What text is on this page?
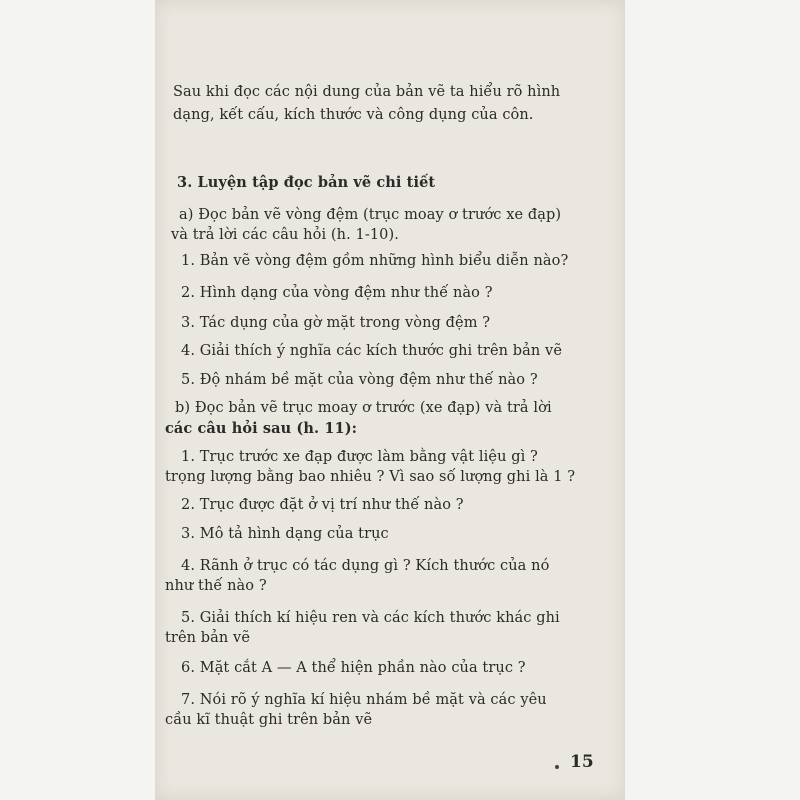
Sau khi đọc các nội dung của bản vẽ ta hiểu rõ hình
dạng, kết cấu, kích thước và công dụng của côn.
3. Luyện tập đọc bản vẽ chi tiết
a) Đọc bản vẽ vòng đệm (trục moay ơ trước xe đạp)
và trả lời các câu hỏi (h. 1-10).
1. Bản vẽ vòng đệm gồm những hình biểu diễn nào?
2. Hình dạng của vòng đệm như thế nào ?
3. Tác dụng của gờ mặt trong vòng đệm ?
4. Giải thích ý nghĩa các kích thước ghi trên bản vẽ
5. Độ nhám bề mặt của vòng đệm như thế nào ?
b) Đọc bản vẽ trục moay ơ trước (xe đạp) và trả lời
các câu hỏi sau (h. 11):
1. Trục trước xe đạp được làm bằng vật liệu gì ?
trọng lượng bằng bao nhiêu ? Vì sao số lượng ghi là 1 ?
2. Trục được đặt ở vị trí như thế nào ?
3. Mô tả hình dạng của trục
4. Rãnh ở trục có tác dụng gì ? Kích thước của nó
như thế nào ?
5. Giải thích kí hiệu ren và các kích thước khác ghi
trên bản vẽ
6. Mặt cắt A — A thể hiện phần nào của trục ?
7. Nói rõ ý nghĩa kí hiệu nhám bề mặt và các yêu
cầu kĩ thuật ghi trên bản vẽ
15
